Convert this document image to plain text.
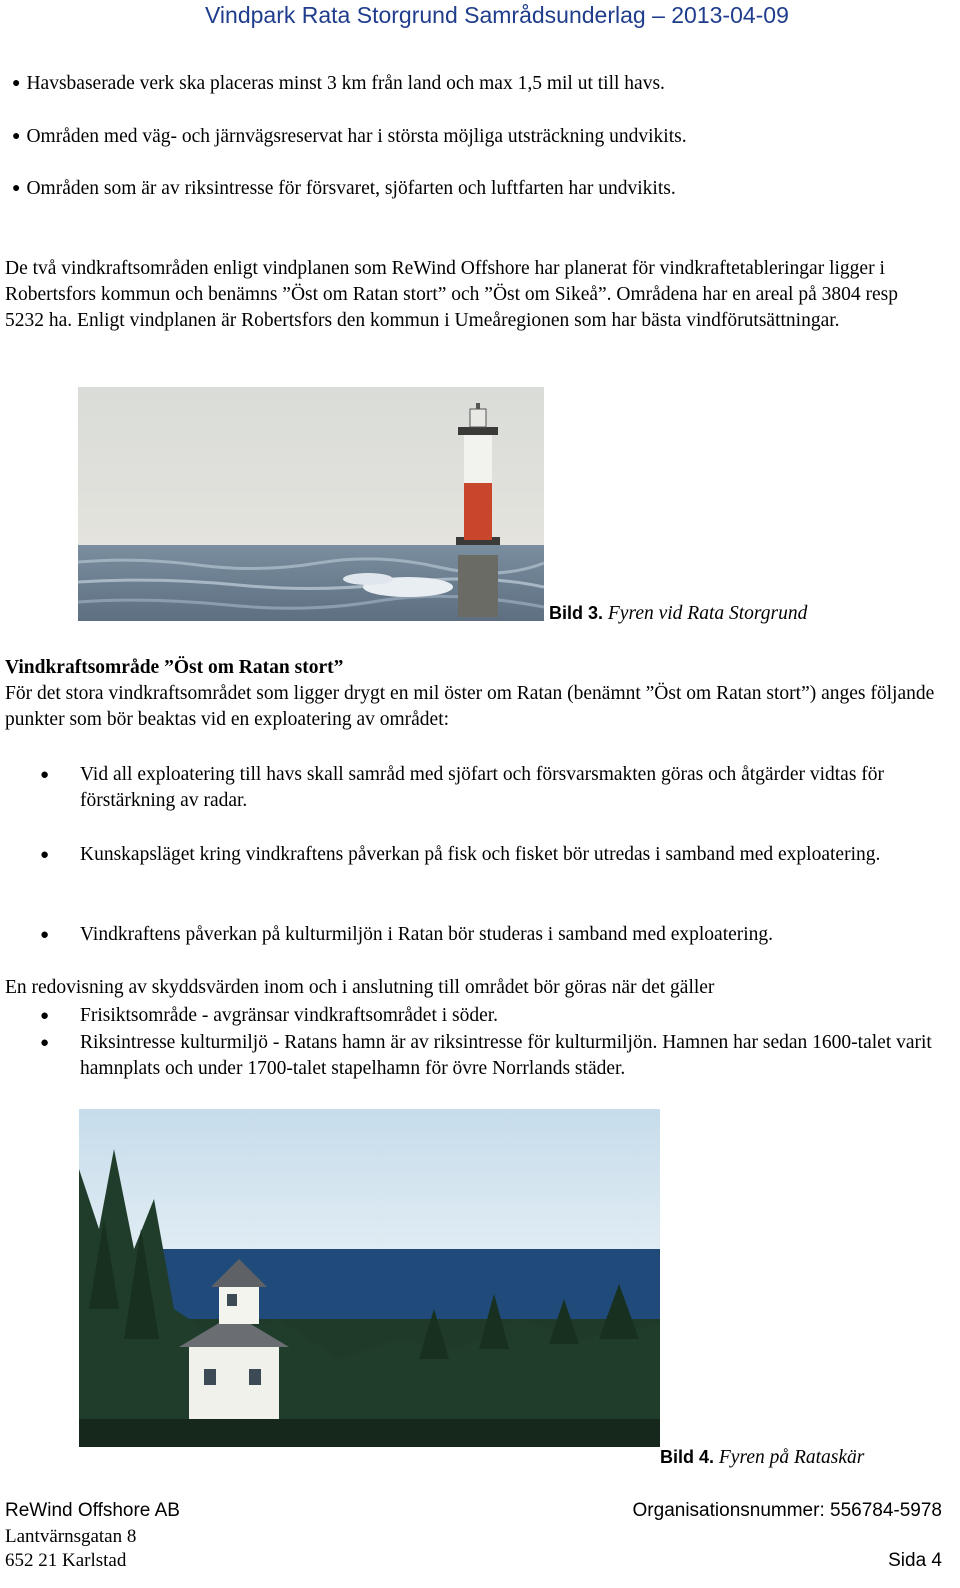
Vindpark Rata Storgrund Samrådsunderlag – 2013-04-09
● Havsbaserade verk ska placeras minst 3 km från land och max 1,5 mil ut till havs.
● Områden med väg- och järnvägsreservat har i största möjliga utsträckning undvikits.
● Områden som är av riksintresse för försvaret, sjöfarten och luftfarten har undvikits.
De två vindkraftsområden enligt vindplanen som ReWind Offshore har planerat för vindkraftetableringar ligger i Robertsfors kommun och benämns ”Öst om Ratan stort” och ”Öst om Sikeå”. Områdena har en areal på 3804 resp 5232 ha. Enligt vindplanen är Robertsfors den kommun i Umeåregionen som har bästa vindförutsättningar.
Bild 3. Fyren vid Rata Storgrund
Vindkraftsområde ”Öst om Ratan stort”
För det stora vindkraftsområdet som ligger drygt en mil öster om Ratan (benämnt ”Öst om Ratan stort”) anges följande punkter som bör beaktas vid en exploatering av området:
● Vid all exploatering till havs skall samråd med sjöfart och försvarsmakten göras och åtgärder vidtas för förstärkning av radar.
● Kunskapsläget kring vindkraftens påverkan på fisk och fisket bör utredas i samband med exploatering.
● Vindkraftens påverkan på kulturmiljön i Ratan bör studeras i samband med exploatering.
En redovisning av skyddsvärden inom och i anslutning till området bör göras när det gäller
● Frisiktsområde - avgränsar vindkraftsområdet i söder.
● Riksintresse kulturmiljö - Ratans hamn är av riksintresse för kulturmiljön. Hamnen har sedan 1600-talet varit hamnplats och under 1700-talet stapelhamn för övre Norrlands städer.
Bild 4. Fyren på Rataskär
ReWind Offshore AB
Lantvärnsgatan 8
652 21 Karlstad
Organisationsnummer: 556784-5978
Sida 4
